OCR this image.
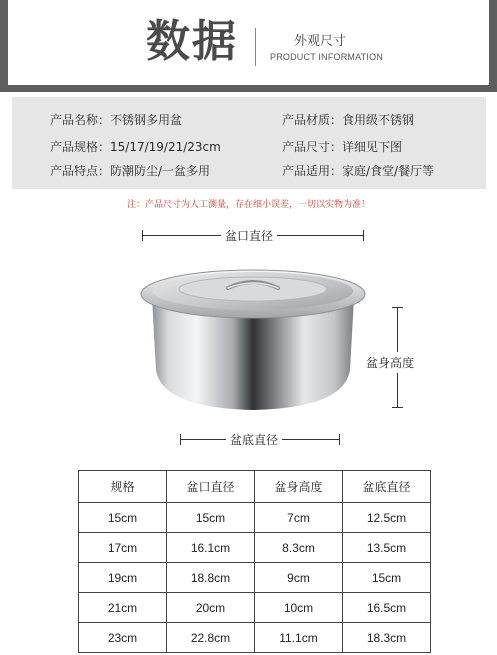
数据	外观尺寸
PRODUCT INFORMATION
产品名称：不锈钢多用盆	产品材质：食用级不锈钢
产品规格：15/17/19/21/23cm	产品尺寸：详细见下图
产品特点：防潮防尘/一盆多用	产品适用：家庭/食堂/餐厅等
注：产品尺寸为人工测量，存在细小误差，一切以实物为准！
盆口直径
盆身高度
盆底直径
规格	盆口直径	盆身高度	盆底直径
15cm	15cm	7cm	12.5cm
17cm	16.1cm	8.3cm	13.5cm
19cm	18.8cm	9cm	15cm
21cm	20cm	10cm	16.5cm
23cm	22.8cm	11.1cm	18.3cm
